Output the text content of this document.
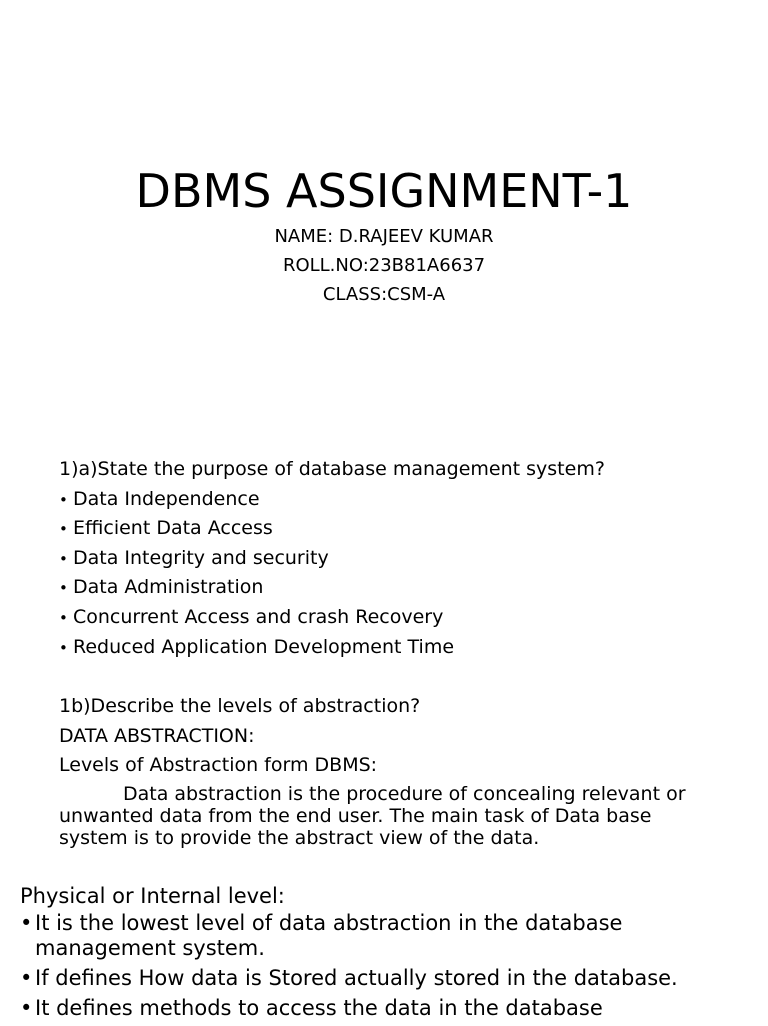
DBMS ASSIGNMENT-1
NAME: D.RAJEEV KUMAR
ROLL.NO:23B81A6637
CLASS:CSM-A
1)a)State the purpose of database management system?
• Data Independence
• Efficient Data Access
• Data Integrity and security
• Data Administration
• Concurrent Access and crash Recovery
• Reduced Application Development Time
1b)Describe the levels of abstraction?
DATA ABSTRACTION:
Levels of Abstraction form DBMS:

Data abstraction is the procedure of concealing relevant or unwanted data from the end user. The main task of Data base system is to provide the abstract view of the data.

Physical or Internal level:
• It is the lowest level of data abstraction in the database management system.
• If defines How data is Stored actually stored in the database.
• It defines methods to access the data in the database
